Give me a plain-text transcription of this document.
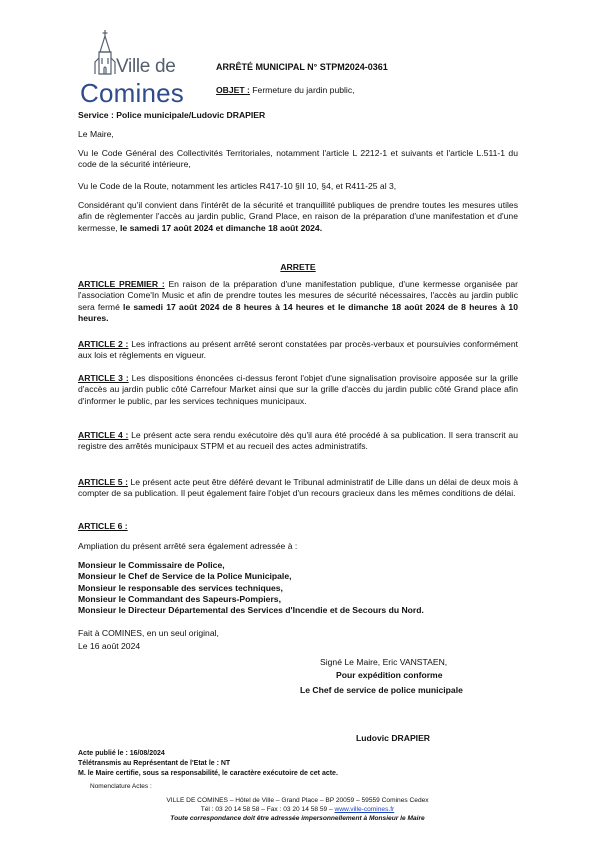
Ville de
Comines
ARRÊTÉ MUNICIPAL N° STPM2024-0361
OBJET : Fermeture du jardin public,
Service : Police municipale/Ludovic DRAPIER
Le Maire,
Vu le Code Général des Collectivités Territoriales, notamment l'article L 2212-1 et suivants et l'article L.511-1 du code de la sécurité intérieure,
Vu le Code de la Route, notamment les articles R417-10 §II 10, §4, et R411-25 al 3,
Considérant qu'il convient dans l'intérêt de la sécurité et tranquillité publiques de prendre toutes les mesures utiles afin de règlementer l'accès au jardin public, Grand Place, en raison de la préparation d'une manifestation et d'une kermesse, le samedi 17 août 2024 et dimanche 18 août 2024.
ARRETE
ARTICLE PREMIER : En raison de la préparation d'une manifestation publique, d'une kermesse organisée par l'association Come'In Music et afin de prendre toutes les mesures de sécurité nécessaires, l'accès au jardin public sera fermé le samedi 17 août 2024 de 8 heures à 14 heures et le dimanche 18 août 2024 de 8 heures à 10 heures.
ARTICLE 2 : Les infractions au présent arrêté seront constatées par procès-verbaux et poursuivies conformément aux lois et règlements en vigueur.
ARTICLE 3 : Les dispositions énoncées ci-dessus feront l'objet d'une signalisation provisoire apposée sur la grille d'accès au jardin public côté Carrefour Market ainsi que sur la grille d'accès du jardin public côté Grand place afin d'informer le public, par les services techniques municipaux.
ARTICLE 4 : Le présent acte sera rendu exécutoire dès qu'il aura été procédé à sa publication. Il sera transcrit au registre des arrêtés municipaux STPM et au recueil des actes administratifs.
ARTICLE 5 : Le présent acte peut être déféré devant le Tribunal administratif de Lille dans un délai de deux mois à compter de sa publication. Il peut également faire l'objet d'un recours gracieux dans les mêmes conditions de délai.
ARTICLE 6 :
Ampliation du présent arrêté sera également adressée à :
Monsieur le Commissaire de Police,
Monsieur le Chef de Service de la Police Municipale,
Monsieur le responsable des services techniques,
Monsieur le Commandant des Sapeurs-Pompiers,
Monsieur le Directeur Départemental des Services d'Incendie et de Secours du Nord.
Fait à COMINES, en un seul original,
Le 16 août 2024
Signé Le Maire, Eric VANSTAEN,
Pour expédition conforme
Le Chef de service de police municipale
Ludovic DRAPIER
Acte publié le : 16/08/2024
Télétransmis au Représentant de l'Etat le : NT
M. le Maire certifie, sous sa responsabilité, le caractère exécutoire de cet acte.
Nomenclature Actes :
VILLE DE COMINES – Hôtel de Ville – Grand Place – BP 20059 – 59559 Comines Cedex
Tél : 03 20 14 58 58 – Fax : 03 20 14 58 59 – www.ville-comines.fr
Toute correspondance doit être adressée impersonnellement à Monsieur le Maire
